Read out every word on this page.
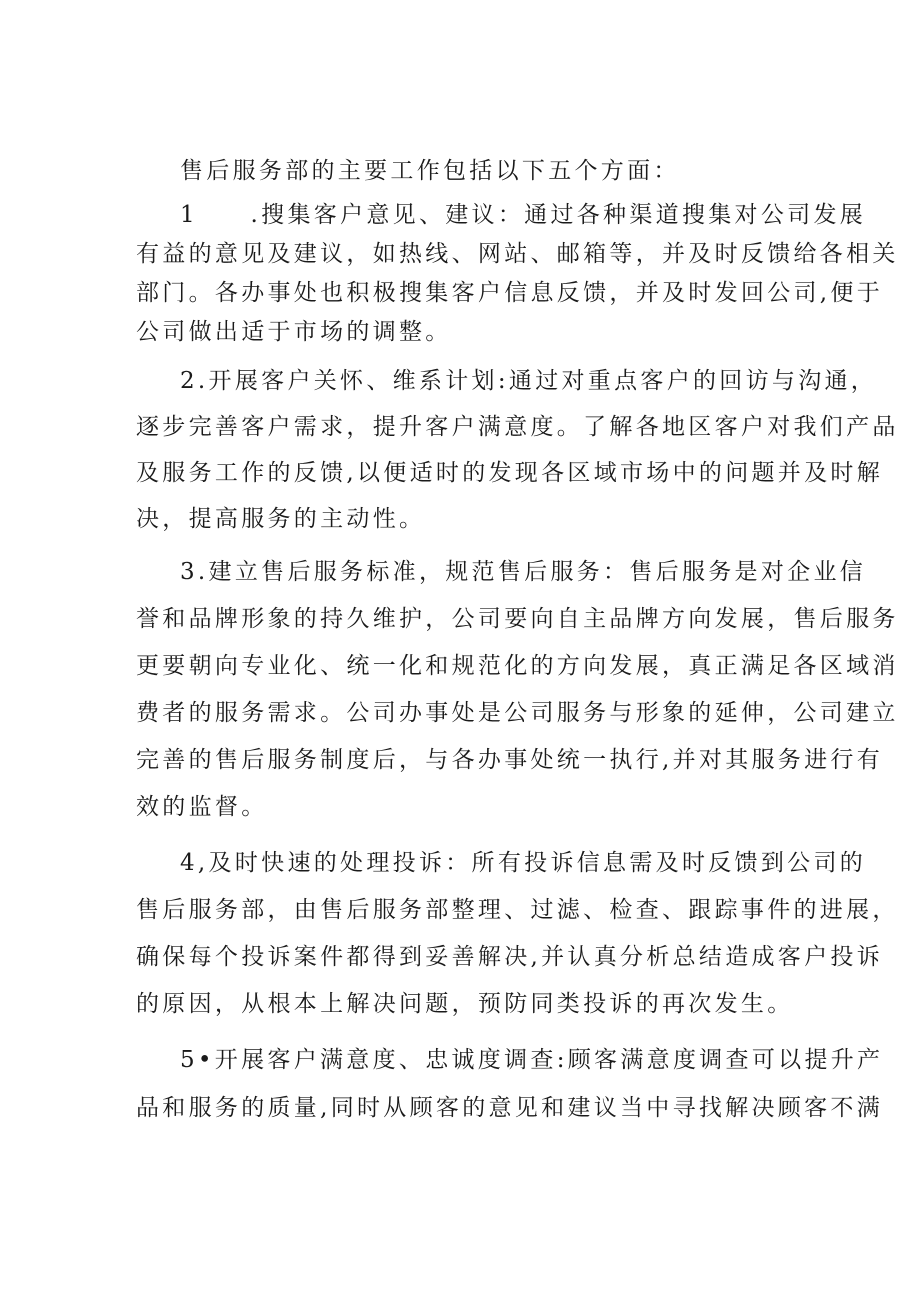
售后服务部的主要工作包括以下五个方面：
1　　.搜集客户意见、建议：通过各种渠道搜集对公司发展
有益的意见及建议，如热线、网站、邮箱等，并及时反馈给各相关
部门。各办事处也积极搜集客户信息反馈，并及时发回公司,便于
公司做出适于市场的调整。
2.开展客户关怀、维系计划:通过对重点客户的回访与沟通，
逐步完善客户需求，提升客户满意度。了解各地区客户对我们产品
及服务工作的反馈,以便适时的发现各区域市场中的问题并及时解
决，提高服务的主动性。
3.建立售后服务标准，规范售后服务：售后服务是对企业信
誉和品牌形象的持久维护，公司要向自主品牌方向发展，售后服务
更要朝向专业化、统一化和规范化的方向发展，真正满足各区域消
费者的服务需求。公司办事处是公司服务与形象的延伸，公司建立
完善的售后服务制度后，与各办事处统一执行,并对其服务进行有
效的监督。
4,及时快速的处理投诉：所有投诉信息需及时反馈到公司的
售后服务部，由售后服务部整理、过滤、检查、跟踪事件的进展，
确保每个投诉案件都得到妥善解决,并认真分析总结造成客户投诉
的原因，从根本上解决问题，预防同类投诉的再次发生。
5•开展客户满意度、忠诚度调查:顾客满意度调查可以提升产
品和服务的质量,同时从顾客的意见和建议当中寻找解决顾客不满
